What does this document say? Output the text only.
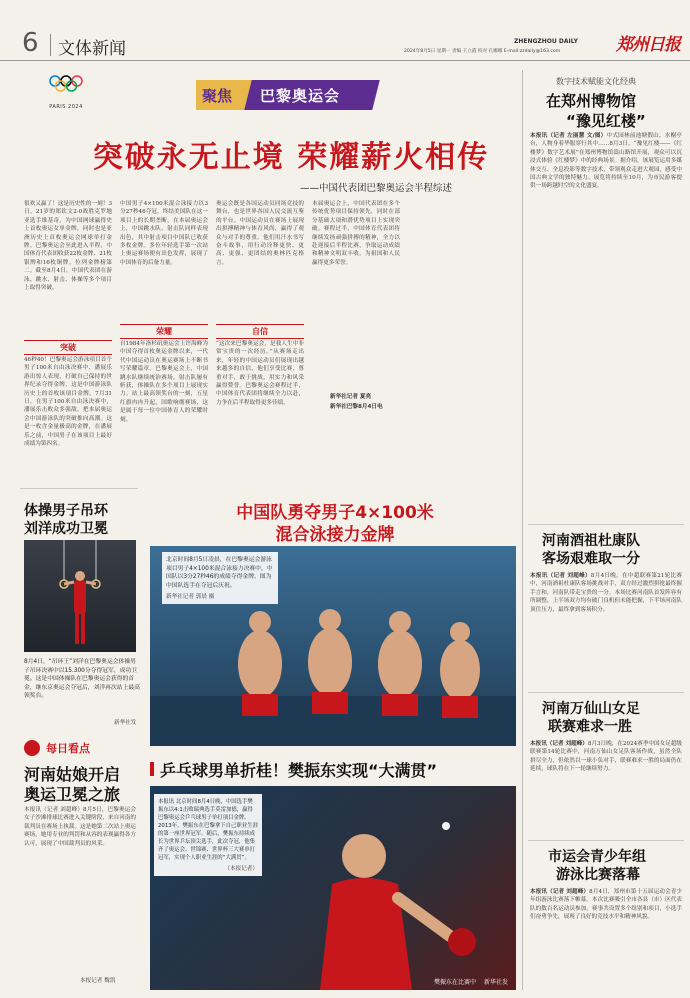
6 文体新闻	ZHENGZHOU DAILY
2024年8月5日 星期一 责编 王立霞 校对 孔娜娜 E-mail:zzdaily@163.com	郑州日报
PARIS 2024
聚焦 巴黎奥运会
突破永无止境 荣耀薪火相传
——中国代表团巴黎奥运会半程综述
很欢又赢了！这是历史性的一刻！3日，21岁的郑钦文2-0战胜克罗地亚选手维基奇，为中国网球赢得史上首枚奥运女单金牌，同时也是亚洲历史上首枚奥运会网球单打金牌。巴黎奥运会至此进入半程，中国体育代表团收获22枚金牌、21枚银牌和16枚铜牌，位列金牌榜第二。截至8月4日，中国代表团在游泳、跳水、射击、体操等多个项目上取得突破。
突破
46秒40！巴黎奥运会游泳项目首个男子100米自由泳决赛中，潘展乐游出惊人表现，打破自己保持的世界纪录夺得金牌，这是中国游泳队历史上的首枚该项目金牌。7月31日，在男子100米自由泳决赛中，潘展乐击败众多强敌，把本届奥运会中国游泳队的突破推向高潮。这是一枚含金量极高的金牌，在潘展乐之前，中国男子在该项目上最好成绩为第四名。
中国男子4×100米混合泳接力以3分27秒46夺冠，终结美国队在这一项目上的长期垄断。在本届奥运会上，中国跳水队、射击队同样表现出色，其中射击项目中国队已收获多枚金牌。多位年轻选手第一次站上奥运赛场便有出色发挥，展现了中国体育的后备力量。
荣耀
自1984年洛杉矶奥运会上许海峰为中国夺得首枚奥运金牌以来，一代代中国运动员在奥运赛场上不断书写荣耀篇章。巴黎奥运会上，中国跳水队继续统治赛场，射击队屡有斩获，体操队在多个项目上展现实力。站上最高领奖台的一刻，五星红旗冉冉升起，国歌响彻赛场，这是属于每一位中国体育人的荣耀时刻。
奥运会既是各国运动员同场竞技的舞台，也是世界各国人民交流互鉴的平台。中国运动员在赛场上展现出拼搏精神与体育风尚，赢得了观众与对手的尊重。他们用汗水书写奋斗故事，用行动诠释更快、更高、更强、更团结的奥林匹克格言。
自信
“这次来巴黎奥运会，是我人生中非常宝贵的一次经历。”从赛场走出来，年轻的中国运动员们展现出越来越多的自信，他们享受比赛，尊重对手，敢于挑战，用实力和风采赢得赞誉。巴黎奥运会赛程过半，中国体育代表团将继续全力以赴，力争在后半程取得更多佳绩。
本届奥运会上，中国代表团在多个传统优势项目保持领先，同时在部分基础大项和潜优势项目上实现突破。赛程过半，中国体育代表团将继续发扬顽强拼搏的精神，全力以赴迎接后半程比赛，争取运动成绩和精神文明双丰收，为祖国和人民赢得更多荣誉。
新华社记者 夏亮
新华社巴黎8月4日电
数字技术赋能文化经典
在郑州博物馆
“豫见红楼”
本报讯（记者 左丽慧 文/图）中式园林前池塘假山、水榭亭台，人物身着华服穿行其中……8月3日，“豫见红楼——《红楼梦》数字艺术展”在郑州博物馆嵩山路馆开展，观众可以沉浸式体验《红楼梦》中的经典场景。据介绍，该展览运用多媒体交互、全息投影等数字技术，带领观众走进大观园，感受中国古典文学的独特魅力。展览将持续至10月，为市民游客提供一场跨越时空的文化盛宴。
体操男子吊环
刘洋成功卫冕
8月4日，“吊环王”刘洋在巴黎奥运会体操男子吊环决赛中以15.300分夺得冠军，成功卫冕。这是中国体操队在巴黎奥运会获得的首金，继东京奥运会夺冠后，刘洋再次站上最高领奖台。
新华社发
中国队勇夺男子4×100米
混合泳接力金牌
北京时间8月5日凌晨，在巴黎奥运会游泳项目男子4×100米混合泳接力决赛中，中国队以3分27秒46的成绩夺得金牌，图为中国队选手在夺冠后庆祝。
新华社记者 郭晨 摄
河南酒祖杜康队
客场艰难取一分
本报讯（记者 刘超峰）8月4日晚，在中超联赛第21轮比赛中，河南酒祖杜康队客场挑战对手，双方经过激烈拼抢最终握手言和，河南队带走宝贵的一分。本场比赛河南队首发阵容有所调整，上半场双方均有破门良机但未能把握，下半场河南队顶住压力，最终拿到客场积分。
河南万仙山女足
联赛难求一胜
本报讯（记者 刘超峰）8月3日晚，在2024赛季中国女足超级联赛第14轮比赛中，河南万仙山女足队客场作战，虽然全队拼尽全力，但依然以一球小负对手，联赛难求一胜的局面仍在延续，球队将在下一轮继续努力。
市运会青少年组
游泳比赛落幕
本报讯（记者 刘超峰）8月4日，郑州市第十五届运动会青少年组游泳比赛落下帷幕。本次比赛吸引全市各县（市）区代表队的数百名运动员参加，赛事共设置多个组别和项目，小选手们奋勇争先，展现了良好的竞技水平和精神风貌。
每日看点
河南姑娘开启
奥运卫冕之旅
本报讯（记者 刘超峰）8月5日，巴黎奥运会女子沙滩排球比赛进入关键阶段，来自河南的裁判员在赛场上执裁。这是她第二次站上奥运赛场，她用专业的判罚和从容的表现赢得各方认可，展现了中国裁判员的风采。
本报记者 魏凯
乒乓球男单折桂！樊振东实现“大满贯”
本报讯 北京时间8月4日晚，中国选手樊振东以4:1击败瑞典选手莫雷加德，赢得巴黎奥运会乒乓球男子单打项目金牌。2013年，樊振东在巴黎拿下自己职业生涯的第一座世界冠军。随后，樊振东持续成长为世界乒坛顶尖选手，此次夺冠，他集齐了奥运会、世锦赛、世界杯三大赛单打冠军，实现个人职业生涯的“大满贯”。
（本报记者）
樊振东在比赛中 新华社发
